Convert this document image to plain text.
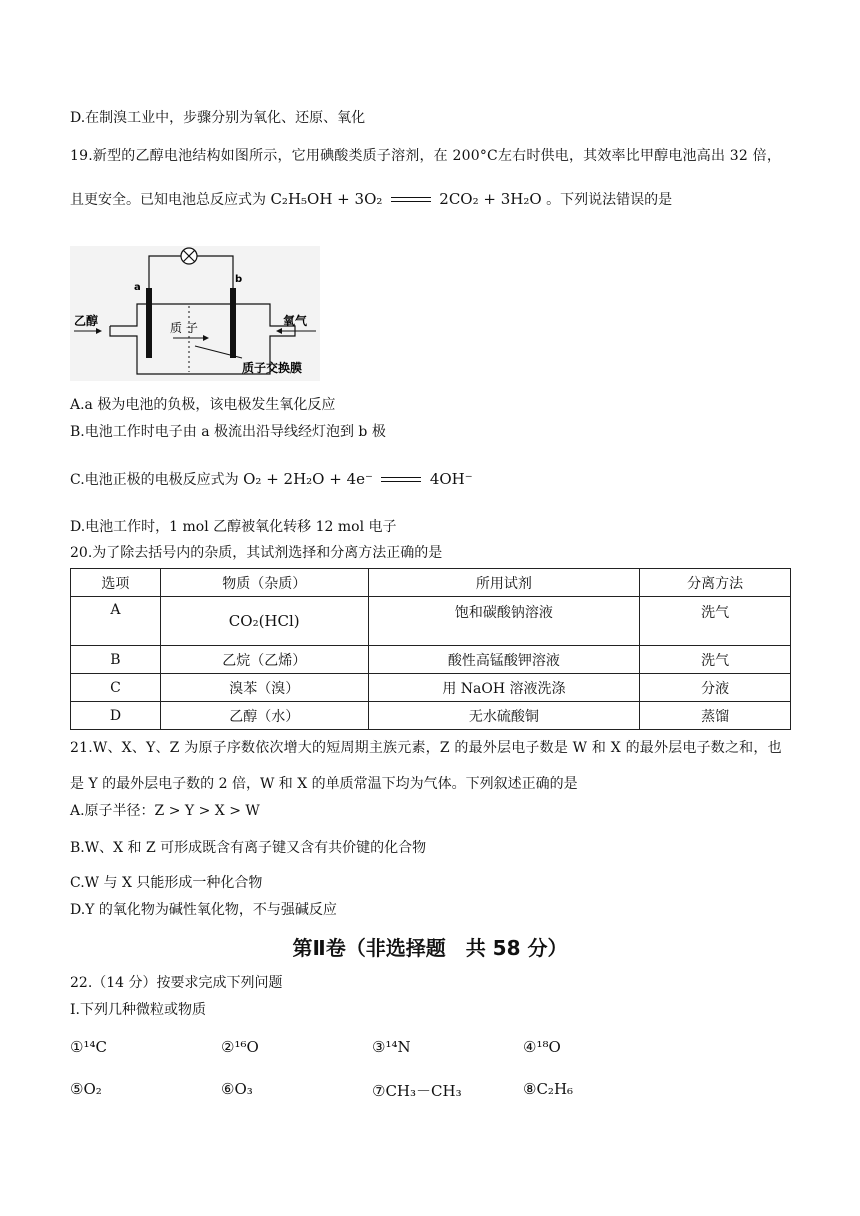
D.在制溴工业中，步骤分别为氧化、还原、氧化
19.新型的乙醇电池结构如图所示，它用碘酸类质子溶剂，在 200°C左右时供电，其效率比甲醇电池高出 32 倍，
且更安全。已知电池总反应式为 C₂H₅OH + 3O₂	2CO₂ + 3H₂O 。下列说法错误的是
a
b
乙醇	氧气
质 子
质子交换膜
A.a 极为电池的负极，该电极发生氧化反应
B.电池工作时电子由 a 极流出沿导线经灯泡到 b 极
C.电池正极的电极反应式为 O₂ + 2H₂O + 4e⁻	4OH⁻
D.电池工作时，1 mol 乙醇被氧化转移 12 mol 电子
20.为了除去括号内的杂质，其试剂选择和分离方法正确的是
选项	物质（杂质）	所用试剂	分离方法
A	CO₂(HCl)	饱和碳酸钠溶液	洗气
B	乙烷（乙烯）	酸性高锰酸钾溶液	洗气
C	溴苯（溴）	用 NaOH 溶液洗涤	分液
D	乙醇（水）	无水硫酸铜	蒸馏
21.W、X、Y、Z 为原子序数依次增大的短周期主族元素，Z 的最外层电子数是 W 和 X 的最外层电子数之和，也
是 Y 的最外层电子数的 2 倍，W 和 X 的单质常温下均为气体。下列叙述正确的是
A.原子半径：Z > Y > X > W
B.W、X 和 Z 可形成既含有离子键又含有共价键的化合物
C.W 与 X 只能形成一种化合物
D.Y 的氧化物为碱性氧化物，不与强碱反应
第Ⅱ卷（非选择题　共 58 分）
22.（14 分）按要求完成下列问题
Ⅰ.下列几种微粒或物质
①¹⁴C	②¹⁶O	③¹⁴N	④¹⁸O
⑤O₂	⑥O₃	⑦CH₃－CH₃	⑧C₂H₆
